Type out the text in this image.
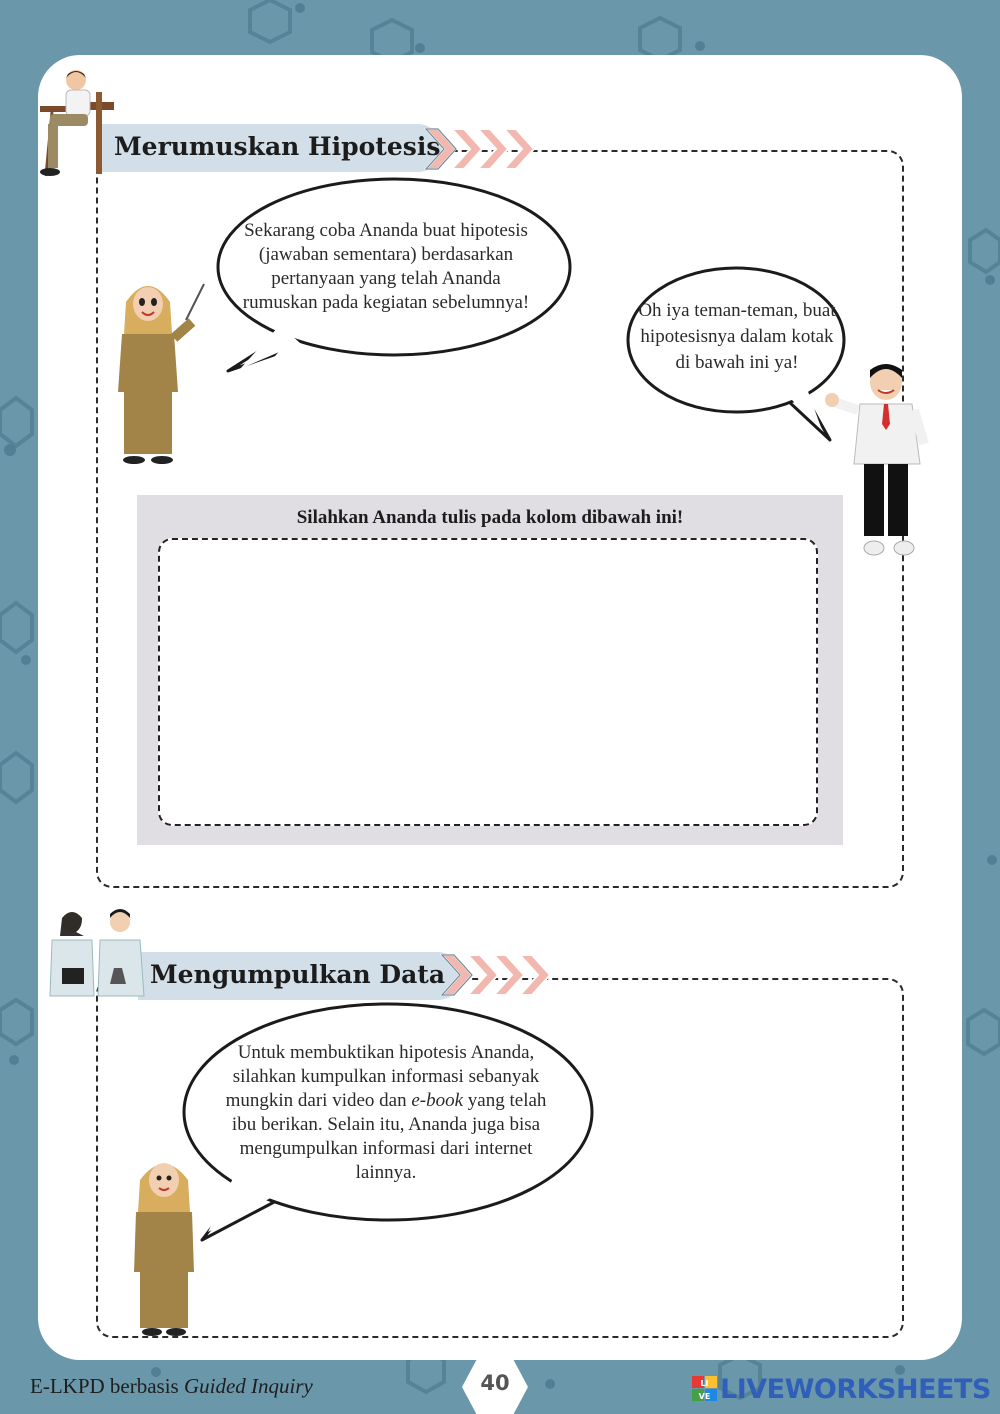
Merumuskan Hipotesis
Sekarang coba Ananda buat hipotesis (jawaban sementara) berdasarkan pertanyaan yang telah Ananda rumuskan pada kegiatan sebelumnya!	Oh iya teman-teman, buat hipotesisnya dalam kotak di bawah ini ya!
Silahkan Ananda tulis pada kolom dibawah ini!
Mengumpulkan Data
Untuk membuktikan hipotesis Ananda, silahkan kumpulkan informasi sebanyak mungkin dari video dan e-book yang telah ibu berikan. Selain itu, Ananda juga bisa mengumpulkan informasi dari internet lainnya.
E-LKPD berbasis Guided Inquiry	40	LI
VE LIVEWORKSHEETS
